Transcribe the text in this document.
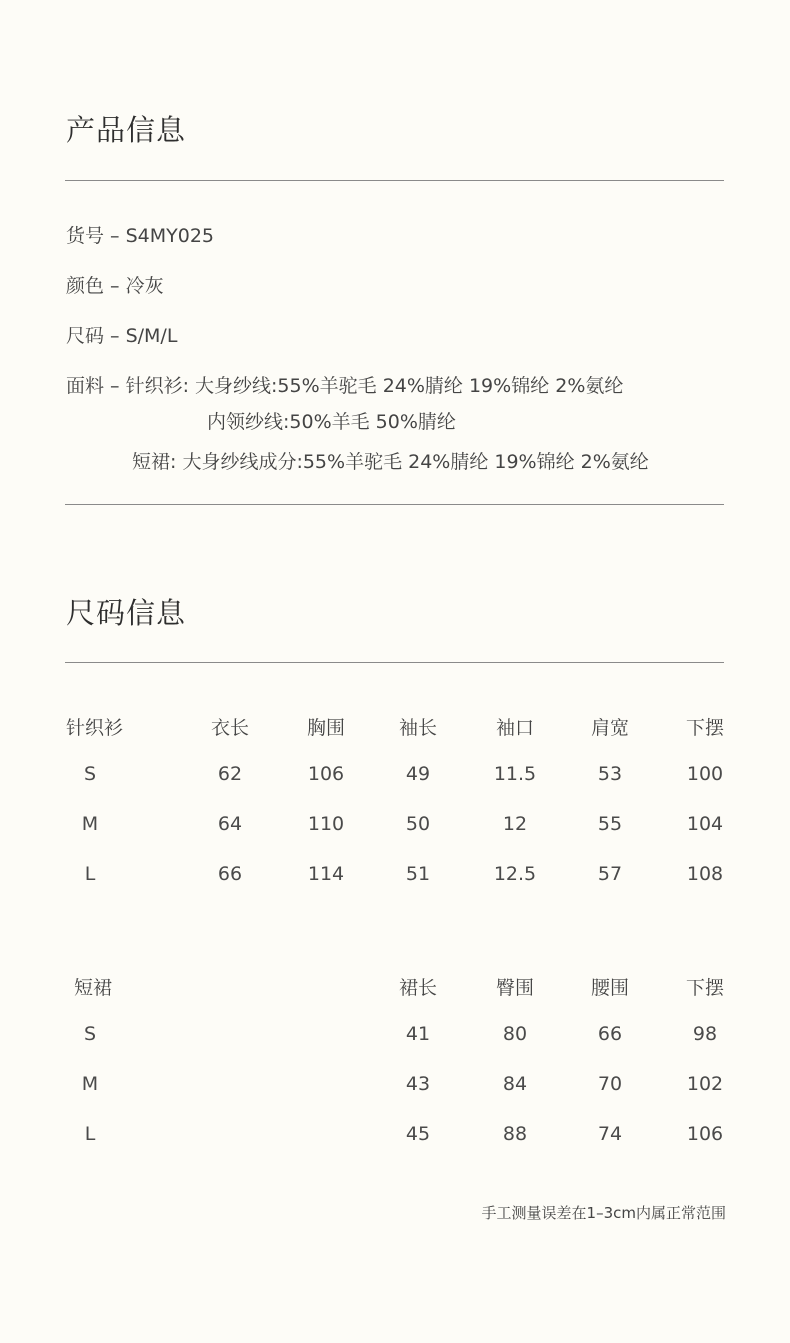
产品信息
货号 – S4MY025
颜色 – 冷灰
尺码 – S/M/L
面料 – 针织衫: 大身纱线:55%羊驼毛 24%腈纶 19%锦纶 2%氨纶
内领纱线:50%羊毛 50%腈纶
短裙: 大身纱线成分:55%羊驼毛 24%腈纶 19%锦纶 2%氨纶
尺码信息
针织衫	衣长	胸围	袖长	袖口	肩宽	下摆
S	62	106	49	11.5	53	100
M	64	110	50	12	55	104
L	66	114	51	12.5	57	108
短裙	裙长	臀围	腰围	下摆
S	41	80	66	98
M	43	84	70	102
L	45	88	74	106
手工测量误差在1–3cm内属正常范围
